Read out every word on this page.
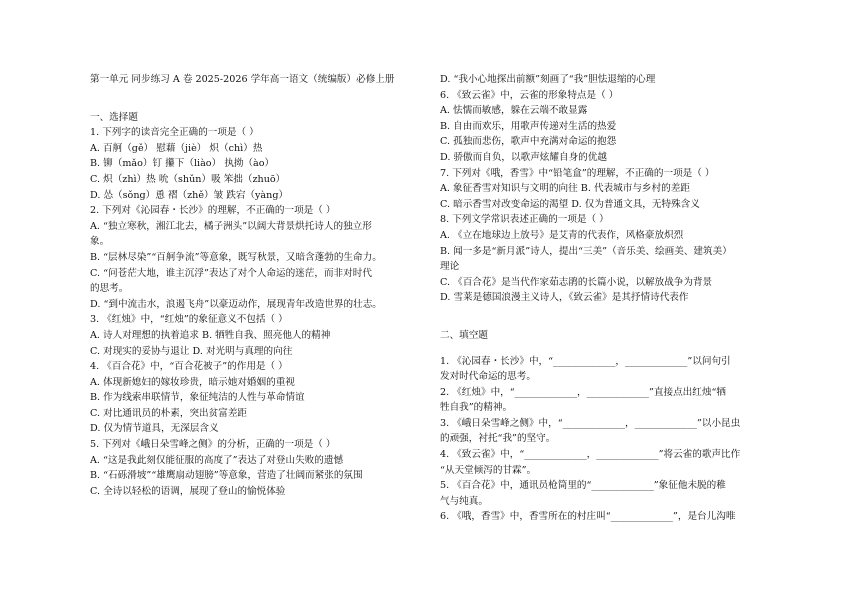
第一单元 同步练习 A 卷 2025-2026 学年高一语文（统编版）必修上册
一、选择题
1. 下列字的读音完全正确的一项是（ ）
A. 百舸（gě） 慰藉（jiè） 炽（chì）热
B. 铆（mǎo）钉 攥下（liào） 执拗（ào）
C. 炽（zhì）热 吮（shǔn）吸 笨拙（zhuō）
D. 怂（sǒng）恿 褶（zhě）皱 跌宕（yàng）
2. 下列对《沁园春・长沙》的理解，不正确的一项是（ ）
A. “独立寒秋，湘江北去，橘子洲头”以阔大背景烘托诗人的独立形
象。
B. “层林尽染”“百舸争流”等意象，既写秋景，又暗含蓬勃的生命力。
C. “问苍茫大地，谁主沉浮”表达了对个人命运的迷茫，而非对时代
的思考。
D. “到中流击水，浪遏飞舟”以豪迈动作，展现青年改造世界的壮志。
3. 《红烛》中，“红烛”的象征意义不包括（ ）
A. 诗人对理想的执着追求 B. 牺牲自我、照亮他人的精神
C. 对现实的妥协与退让 D. 对光明与真理的向往
4. 《百合花》中，“百合花被子”的作用是（ ）
A. 体现新媳妇的嫁妆珍贵，暗示她对婚姻的重视
B. 作为线索串联情节，象征纯洁的人性与革命情谊
C. 对比通讯员的朴素，突出贫富差距
D. 仅为情节道具，无深层含义
5. 下列对《峨日朵雪峰之侧》的分析，正确的一项是（ ）
A. “这是我此刻仅能征服的高度了”表达了对登山失败的遗憾
B. “石砾滑坡”“雄鹰扇动翅膀”等意象，营造了壮阔而紧张的氛围
C. 全诗以轻松的语调，展现了登山的愉悦体验
D. “我小心地探出前额”刻画了“我”胆怯退缩的心理
6. 《致云雀》中，云雀的形象特点是（ ）
A. 怯懦而敏感，躲在云端不敢显露
B. 自由而欢乐，用歌声传递对生活的热爱
C. 孤独而悲伤，歌声中充满对命运的抱怨
D. 骄傲而自负，以歌声炫耀自身的优越
7. 下列对《哦，香雪》中“铅笔盒”的理解，不正确的一项是（ ）
A. 象征香雪对知识与文明的向往 B. 代表城市与乡村的差距
C. 暗示香雪对改变命运的渴望 D. 仅为普通文具，无特殊含义
8. 下列文学常识表述正确的一项是（ ）
A. 《立在地球边上放号》是艾青的代表作，风格豪放炽烈
B. 闻一多是“新月派”诗人，提出“三美”（音乐美、绘画美、建筑美）
理论
C. 《百合花》是当代作家茹志鹃的长篇小说，以解放战争为背景
D. 雪莱是德国浪漫主义诗人，《致云雀》是其抒情诗代表作
二、填空题
1. 《沁园春・长沙》中，“_____________，_____________”以问句引
发对时代命运的思考。
2. 《红烛》中，“_____________，_____________”直接点出红烛“牺
牲自我”的精神。
3. 《峨日朵雪峰之侧》中，“_____________，_____________”以小昆虫
的顽强，衬托“我”的坚守。
4. 《致云雀》中，“_____________，_____________”将云雀的歌声比作
“从天堂倾泻的甘霖”。
5. 《百合花》中，通讯员枪筒里的“_____________”象征他未脱的稚
气与纯真。
6. 《哦，香雪》中，香雪所在的村庄叫“_____________”，是台儿沟唯
